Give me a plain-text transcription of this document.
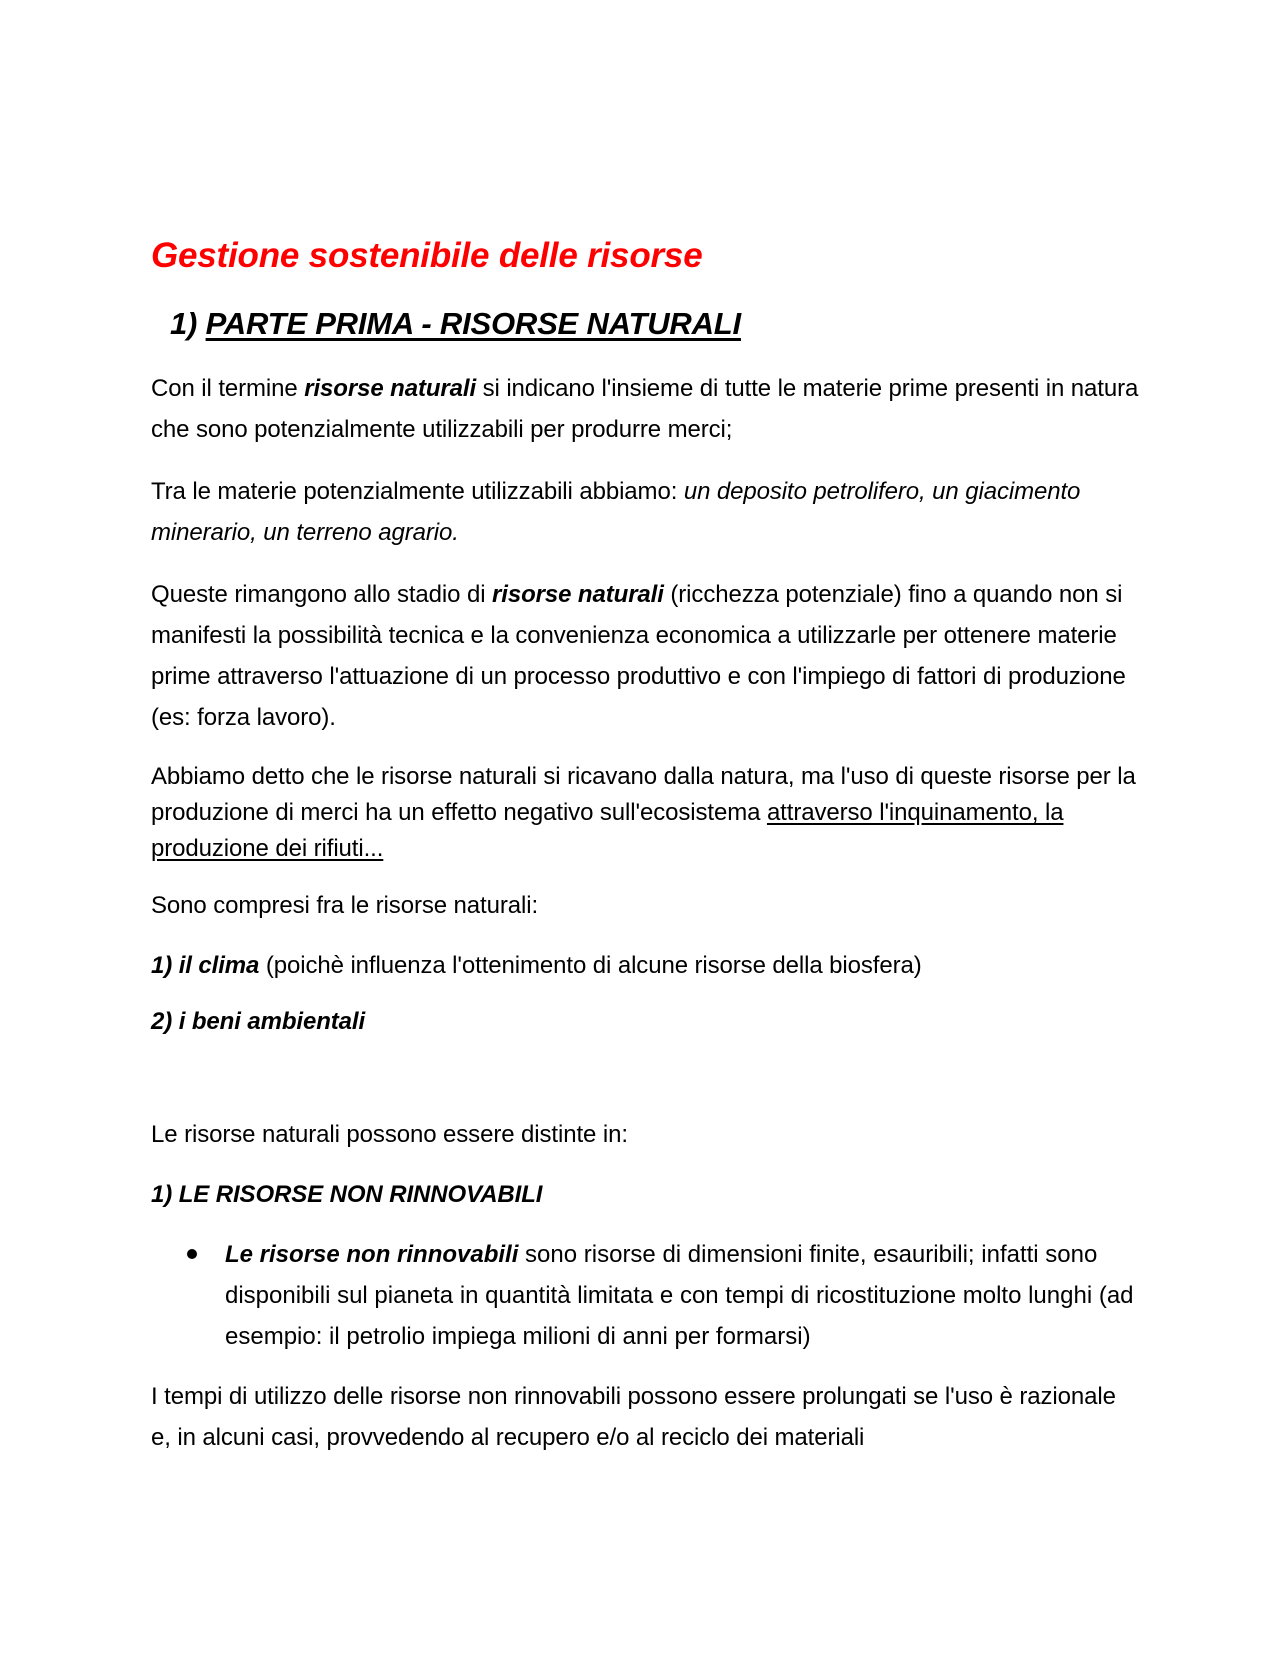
Gestione sostenibile delle risorse
1) PARTE PRIMA - RISORSE NATURALI

Con il termine risorse naturali si indicano l'insieme di tutte le materie prime presenti in natura che sono potenzialmente utilizzabili per produrre merci;

Tra le materie potenzialmente utilizzabili abbiamo: un deposito petrolifero, un giacimento minerario, un terreno agrario.

Queste rimangono allo stadio di risorse naturali (ricchezza potenziale) fino a quando non si manifesti la possibilità tecnica e la convenienza economica a utilizzarle per ottenere materie prime attraverso l'attuazione di un processo produttivo e con l'impiego di fattori di produzione (es: forza lavoro).

Abbiamo detto che le risorse naturali si ricavano dalla natura, ma l'uso di queste risorse per la produzione di merci ha un effetto negativo sull'ecosistema attraverso l'inquinamento, la produzione dei rifiuti...

Sono compresi fra le risorse naturali:

1) il clima (poichè influenza l'ottenimento di alcune risorse della biosfera)

2) i beni ambientali

Le risorse naturali possono essere distinte in:

1) LE RISORSE NON RINNOVABILI

Le risorse non rinnovabili sono risorse di dimensioni finite, esauribili; infatti sono disponibili sul pianeta in quantità limitata e con tempi di ricostituzione molto lunghi (ad esempio: il petrolio impiega milioni di anni per formarsi)

I tempi di utilizzo delle risorse non rinnovabili possono essere prolungati se l'uso è razionale e, in alcuni casi, provvedendo al recupero e/o al reciclo dei materiali
